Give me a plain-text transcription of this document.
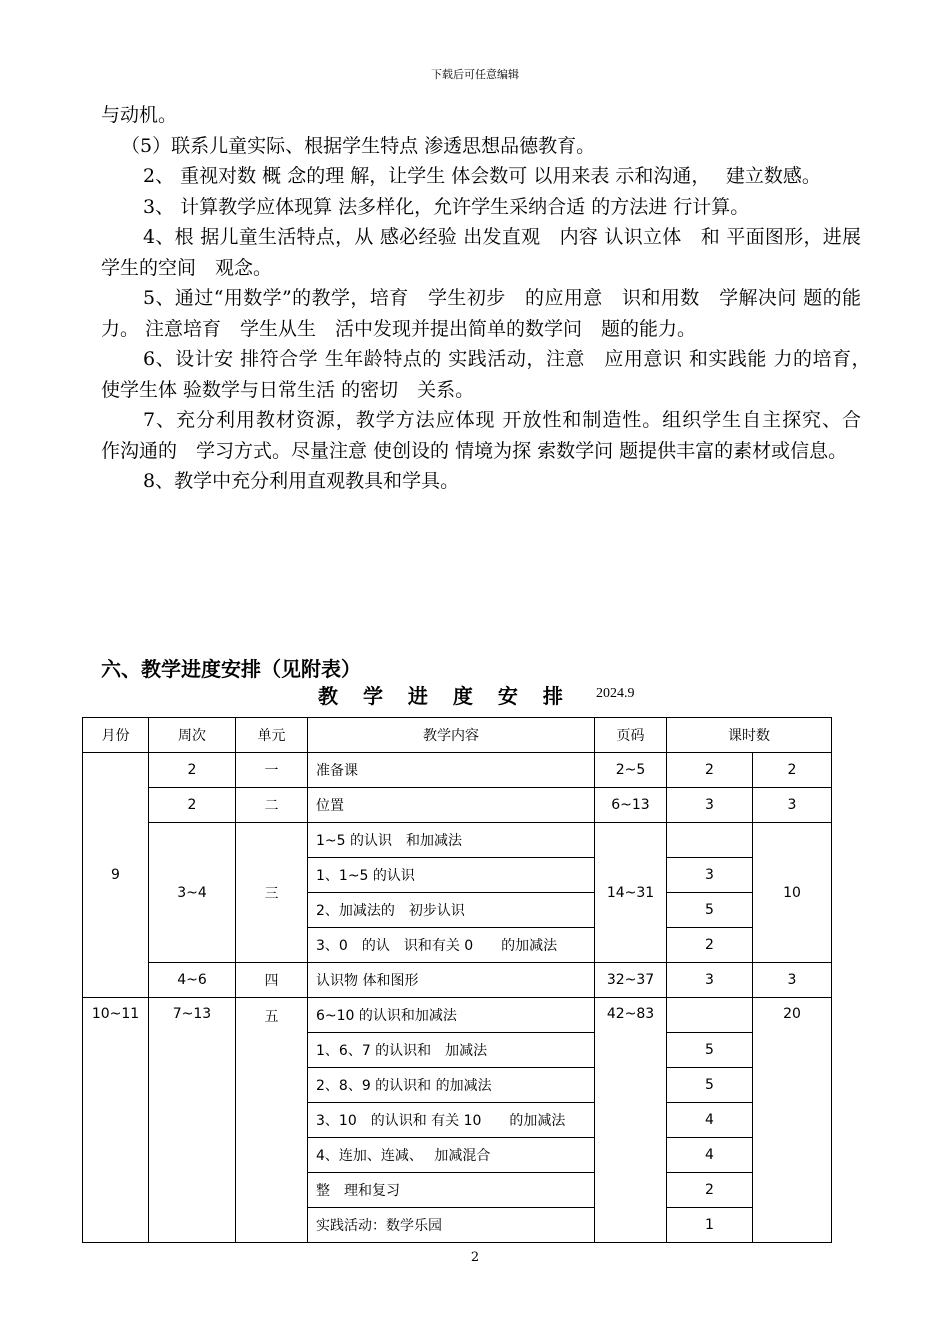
下载后可任意编辑

与动机。

（5）联系儿童实际、根据学生特点 渗透思想品德教育。

2、 重视对数 概 念的理 解，让学生 体会数可 以用来表 示和沟通，　 建立数感。

3、 计算教学应体现算 法多样化，允许学生采纳合适 的方法进 行计算。

4、根 据儿童生活特点，从 感必经验 出发直观　内容 认识立体　和 平面图形，进展学生的空间　观念。

5、通过“用数学”的教学，培育　学生初步　的应用意　识和用数　学解决问 题的能力。 注意培育　学生从生　活中发现并提出简单的数学问　题的能力。

6、设计安 排符合学 生年龄特点的 实践活动，注意　应用意识 和实践能 力的培育，　使学生体 验数学与日常生活 的密切　关系。

7、充分利用教材资源，教学方法应体现 开放性和制造性。组织学生自主探究、合　作沟通的　学习方式。尽量注意 使创设的 情境为探 索数学问 题提供丰富的素材或信息。

8、教学中充分利用直观教具和学具。

六、教学进度安排（见附表）
教 学 进 度 安 排 2024.9
月份	周次	单元	教学内容	页码	课时数	
9	2	一	准备课	2~5	2	2
	2	二	位置	6~13	3	3
	3~4	三	1~5 的认识　和加减法	14~31		10
			1、1~5 的认识		3	
			2、加减法的　初步认识		5	
			3、0　的认　识和有关 0　　的加减法		2	
	4~6	四	认识物 体和图形	32~37	3	3
10~11	7~13	五	6~10 的认识和加减法	42~83		20
			1、6、7 的认识和　加减法		5	
			2、8、9 的认识和 的加减法		5	
			3、10　的认识和 有关 10　　的加减法		4	
			4、连加、连减、　 加减混合		4	
			整　理和复习		2	
			实践活动：数学乐园		1	
2
